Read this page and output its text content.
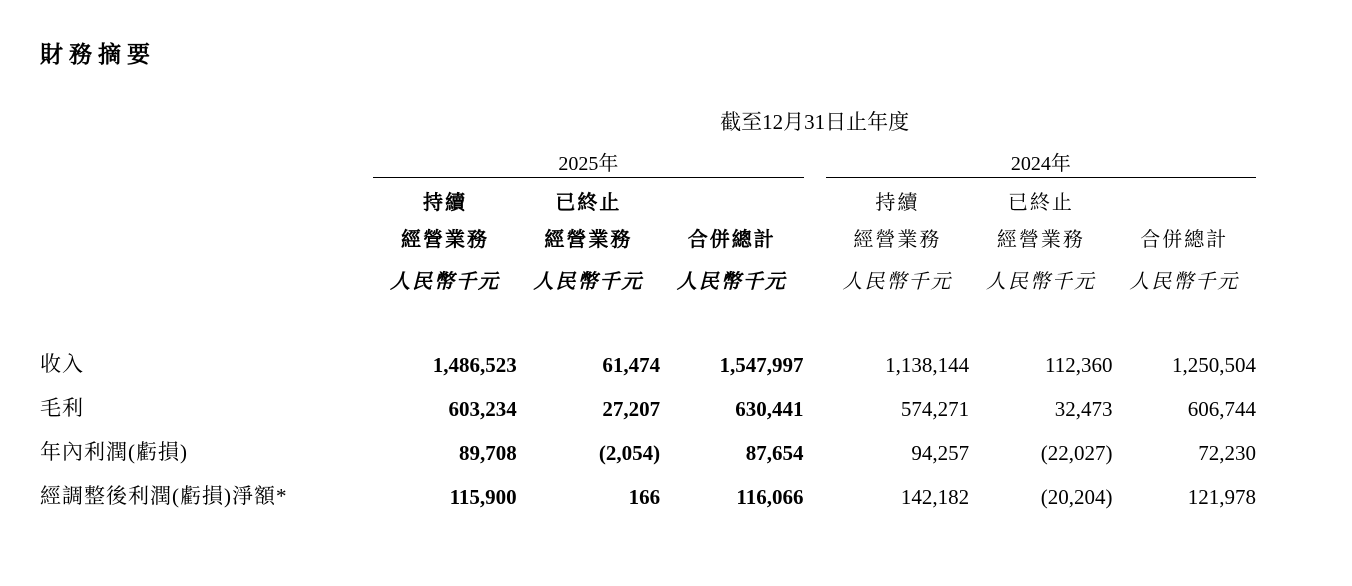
財務摘要
	截至12月31日止年度						
	2025年				2024年		

	持續	已終止			持續	已終止	
	經營業務	經營業務	合併總計		經營業務	經營業務	合併總計
	人民幣千元	人民幣千元	人民幣千元		人民幣千元	人民幣千元	人民幣千元

收入	1,486,523	61,474	1,547,997		1,138,144	112,360	1,250,504
毛利	603,234	27,207	630,441		574,271	32,473	606,744
年內利潤(虧損)	89,708	(2,054)	87,654		94,257	(22,027)	72,230
經調整後利潤(虧損)淨額*	115,900	166	116,066		142,182	(20,204)	121,978
